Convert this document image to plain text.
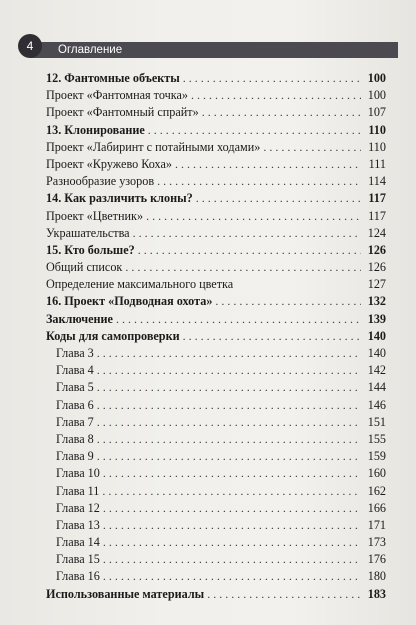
4	Оглавление
12. Фантомные объекты . . .	100
Проект «Фантомная точка» . . .	100
Проект «Фантомный спрайт» . . .	107
13. Клонирование . . .	110
Проект «Лабиринт с потайными ходами» . . .	110
Проект «Кружево Коха» . . .	111
Разнообразие узоров . . .	114
14. Как различить клоны? . . .	117
Проект «Цветник» . . .	117
Украшательства . . .	124
15. Кто больше? . . .	126
Общий список . . .	126
Определение максимального цветка	127
16. Проект «Подводная охота» . . .	132
Заключение . . .	139
Коды для самопроверки . . .	140
Глава 3 . . .	140
Глава 4 . . .	142
Глава 5 . . .	144
Глава 6 . . .	146
Глава 7 . . .	151
Глава 8 . . .	155
Глава 9 . . .	159
Глава 10 . . .	160
Глава 11 . . .	162
Глава 12 . . .	166
Глава 13 . . .	171
Глава 14 . . .	173
Глава 15 . . .	176
Глава 16 . . .	180
Использованные материалы . . .	183
